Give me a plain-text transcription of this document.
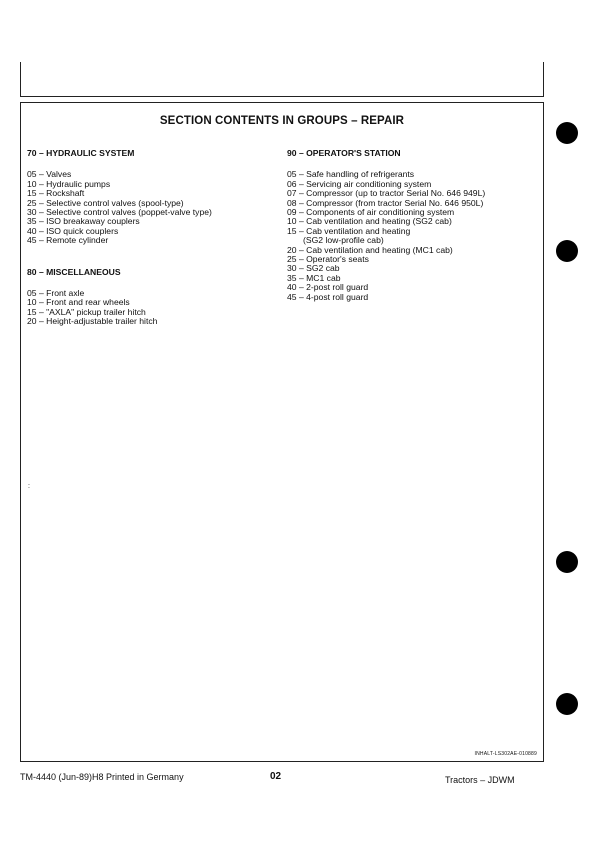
SECTION CONTENTS IN GROUPS – REPAIR
70 – HYDRAULIC SYSTEM
05 – Valves
10 – Hydraulic pumps
15 – Rockshaft
25 – Selective control valves (spool-type)
30 – Selective control valves (poppet-valve type)
35 – ISO breakaway couplers
40 – ISO quick couplers
45 – Remote cylinder
80 – MISCELLANEOUS
05 – Front axle
10 – Front and rear wheels
15 – "AXLA" pickup trailer hitch
20 – Height-adjustable trailer hitch
90 – OPERATOR'S STATION
05 – Safe handling of refrigerants
06 – Servicing air conditioning system
07 – Compressor (up to tractor Serial No. 646 949L)
08 – Compressor (from tractor Serial No. 646 950L)
09 – Components of air conditioning system
10 – Cab ventilation and heating (SG2 cab)
15 – Cab ventilation and heating
(SG2 low-profile cab)
20 – Cab ventilation and heating (MC1 cab)
25 – Operator's seats
30 – SG2 cab
35 – MC1 cab
40 – 2-post roll guard
45 – 4-post roll guard
INHALT-LS302AE-010889
:
TM-4440 (Jun-89)H8 Printed in Germany	02	Tractors – JDWM
